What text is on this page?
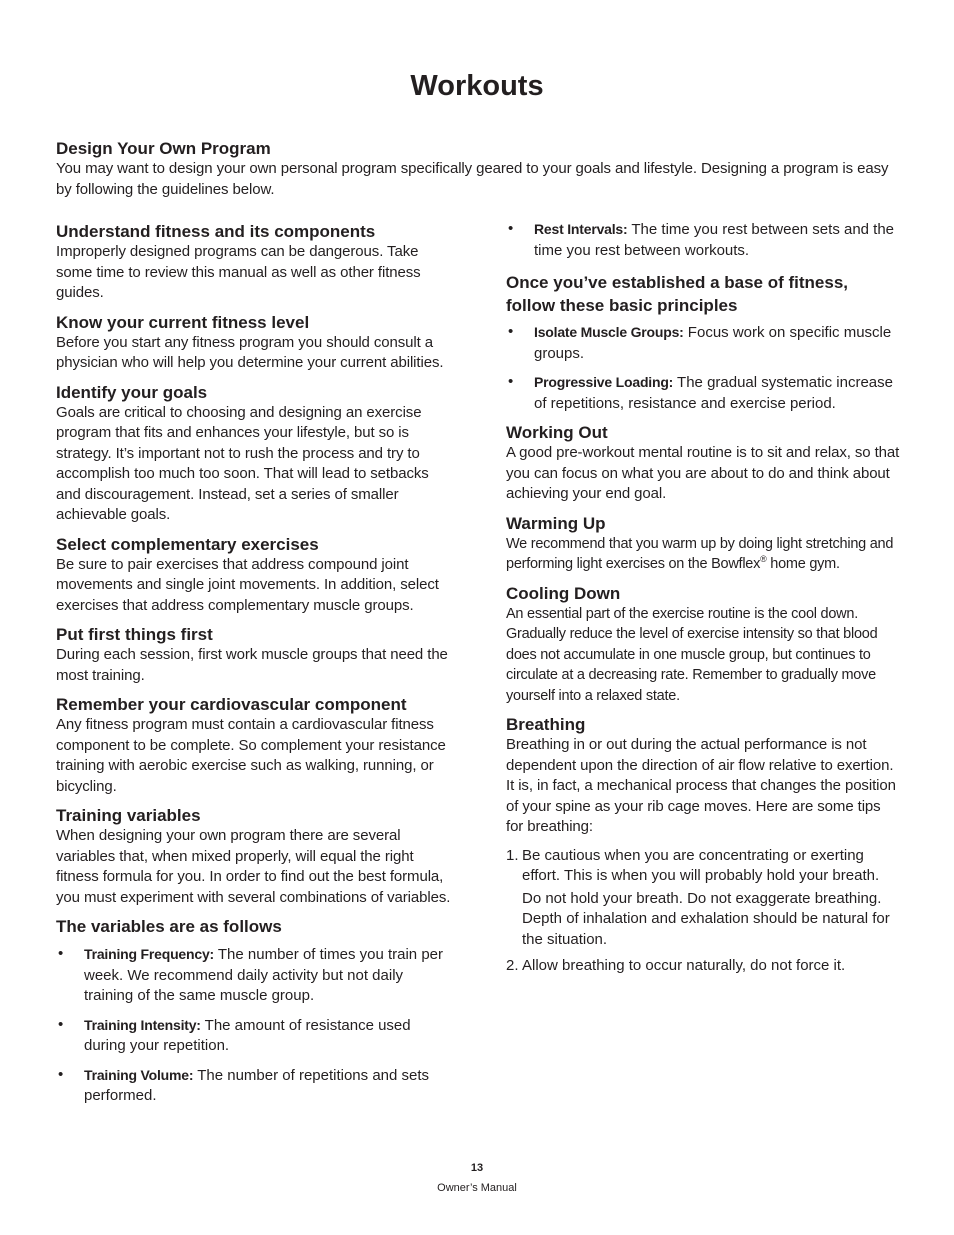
Workouts

Design Your Own Program

You may want to design your own personal program specifically geared to your goals and lifestyle. Designing a program is easy by following the guidelines below.

Understand fitness and its components

Improperly designed programs can be dangerous. Take some time to review this manual as well as other fitness guides.

Know your current fitness level

Before you start any fitness program you should consult a physician who will help you determine your current abilities.

Identify your goals

Goals are critical to choosing and designing an exercise program that fits and enhances your lifestyle, but so is strategy. It’s important not to rush the process and try to accomplish too much too soon. That will lead to setbacks and discouragement. Instead, set a series of smaller achievable goals.

Select complementary exercises

Be sure to pair exercises that address compound joint movements and single joint movements. In addition, select exercises that address complementary muscle groups.

Put first things first

During each session, first work muscle groups that need the most training.

Remember your cardiovascular component

Any fitness program must contain a cardiovascular fitness component to be complete. So complement your resistance training with aerobic exercise such as walking, running, or bicycling.

Training variables

When designing your own program there are several variables that, when mixed properly, will equal the right fitness formula for you. In order to find out the best formula, you must experiment with several combinations of variables.

The variables are as follows

• Training Frequency: The number of times you train per week. We recommend daily activity but not daily training of the same muscle group.

• Training Intensity: The amount of resistance used during your repetition.

• Training Volume: The number of repetitions and sets performed.

• Rest Intervals: The time you rest between sets and the time you rest between workouts.

Once you’ve established a base of fitness, follow these basic principles

• Isolate Muscle Groups: Focus work on specific muscle groups.

• Progressive Loading: The gradual systematic increase of repetitions, resistance and exercise period.

Working Out

A good pre-workout mental routine is to sit and relax, so that you can focus on what you are about to do and think about achieving your end goal.

Warming Up

We recommend that you warm up by doing light stretching and performing light exercises on the Bowflex® home gym.

Cooling Down

An essential part of the exercise routine is the cool down. Gradually reduce the level of exercise intensity so that blood does not accumulate in one muscle group, but continues to circulate at a decreasing rate. Remember to gradually move yourself into a relaxed state.

Breathing

Breathing in or out during the actual performance is not dependent upon the direction of air flow relative to exertion. It is, in fact, a mechanical process that changes the position of your spine as your rib cage moves. Here are some tips for breathing:

1. Be cautious when you are concentrating or exerting effort. This is when you will probably hold your breath.
Do not hold your breath. Do not exaggerate breathing. Depth of inhalation and exhalation should be natural for the situation.

2. Allow breathing to occur naturally, do not force it.

13
Owner’s Manual
